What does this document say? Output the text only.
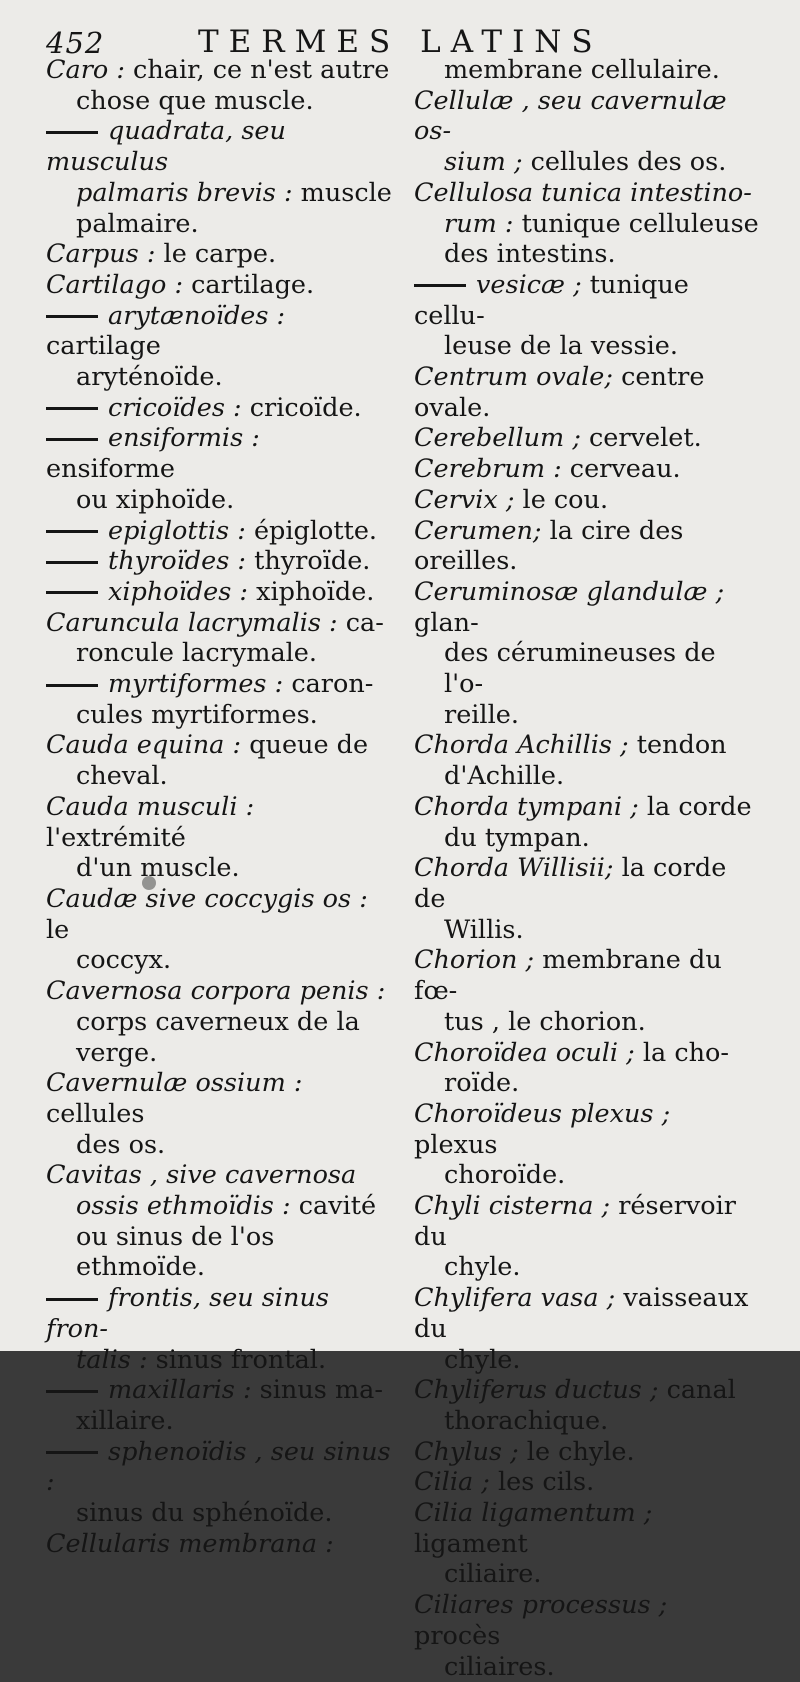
452	TERMES LATINS
Caro : chair, ce n'est autre
chose que muscle.
quadrata, seu musculus
palmaris brevis : muscle
palmaire.
Carpus : le carpe.
Cartilago : cartilage.
arytænoïdes : cartilage
aryténoïde.
cricoïdes : cricoïde.
ensiformis : ensiforme
ou xiphoïde.
epiglottis : épiglotte.
thyroïdes : thyroïde.
xiphoïdes : xiphoïde.
Caruncula lacrymalis : ca-
roncule lacrymale.
myrtiformes : caron-
cules myrtiformes.
Cauda equina : queue de
cheval.
Cauda musculi : l'extrémité
d'un muscle.
Caudæ sive coccygis os : le
coccyx.
Cavernosa corpora penis :
corps caverneux de la
verge.
Cavernulæ ossium : cellules
des os.
Cavitas , sive cavernosa
ossis ethmoïdis : cavité
ou sinus de l'os ethmoïde.
frontis, seu sinus fron-
talis : sinus frontal.
maxillaris : sinus ma-
xillaire.
sphenoïdis , seu sinus :
sinus du sphénoïde.
Cellularis membrana :
membrane cellulaire.
Cellulæ , seu cavernulæ os-
sium ; cellules des os.
Cellulosa tunica intestino-
rum : tunique celluleuse
des intestins.
vesicæ ; tunique cellu-
leuse de la vessie.
Centrum ovale; centre ovale.
Cerebellum ; cervelet.
Cerebrum : cerveau.
Cervix ; le cou.
Cerumen; la cire des oreilles.
Ceruminosæ glandulæ ; glan-
des cérumineuses de l'o-
reille.
Chorda Achillis ; tendon
d'Achille.
Chorda tympani ; la corde
du tympan.
Chorda Willisii; la corde de
Willis.
Chorion ; membrane du fœ-
tus , le chorion.
Choroïdea oculi ; la cho-
roïde.
Choroïdeus plexus ; plexus
choroïde.
Chyli cisterna ; réservoir du
chyle.
Chylifera vasa ; vaisseaux du
chyle.
Chyliferus ductus ; canal
thorachique.
Chylus ; le chyle.
Cilia ; les cils.
Cilia ligamentum ; ligament
ciliaire.
Ciliares processus ; procès
ciliaires.
